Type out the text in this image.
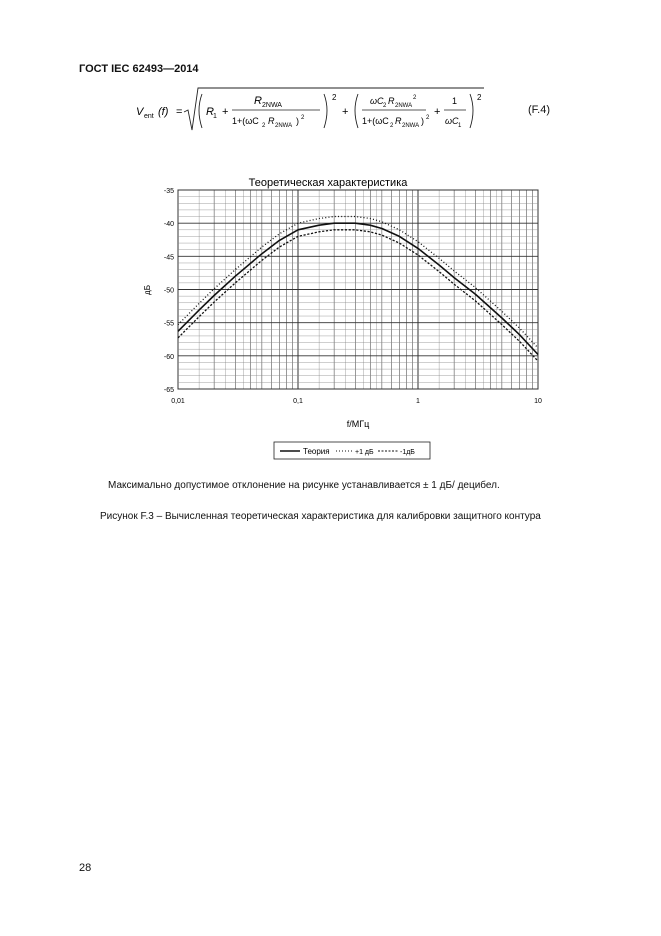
ГОСТ IEC 62493—2014
V ent (f) = R 1 +
R 2NWA
1+(ωC 2 R 2NWA ) 2
2
+
ωC 2 R 2NWA
2
1+(ωC 2 R 2NWA ) 2 +
1
ωC 1
2
(F.4)
Теоретическая характеристика
дБ
f/МГц
-35
-40
-45
-50
-55
-60
-65
0,01	0,1	1	10
Теория	+1 дБ	-1дБ
Максимально допустимое отклонение на рисунке устанавливается ± 1 дБ/ децибел.
Рисунок F.3 – Вычисленная теоретическая характеристика для калибровки защитного контура
28
